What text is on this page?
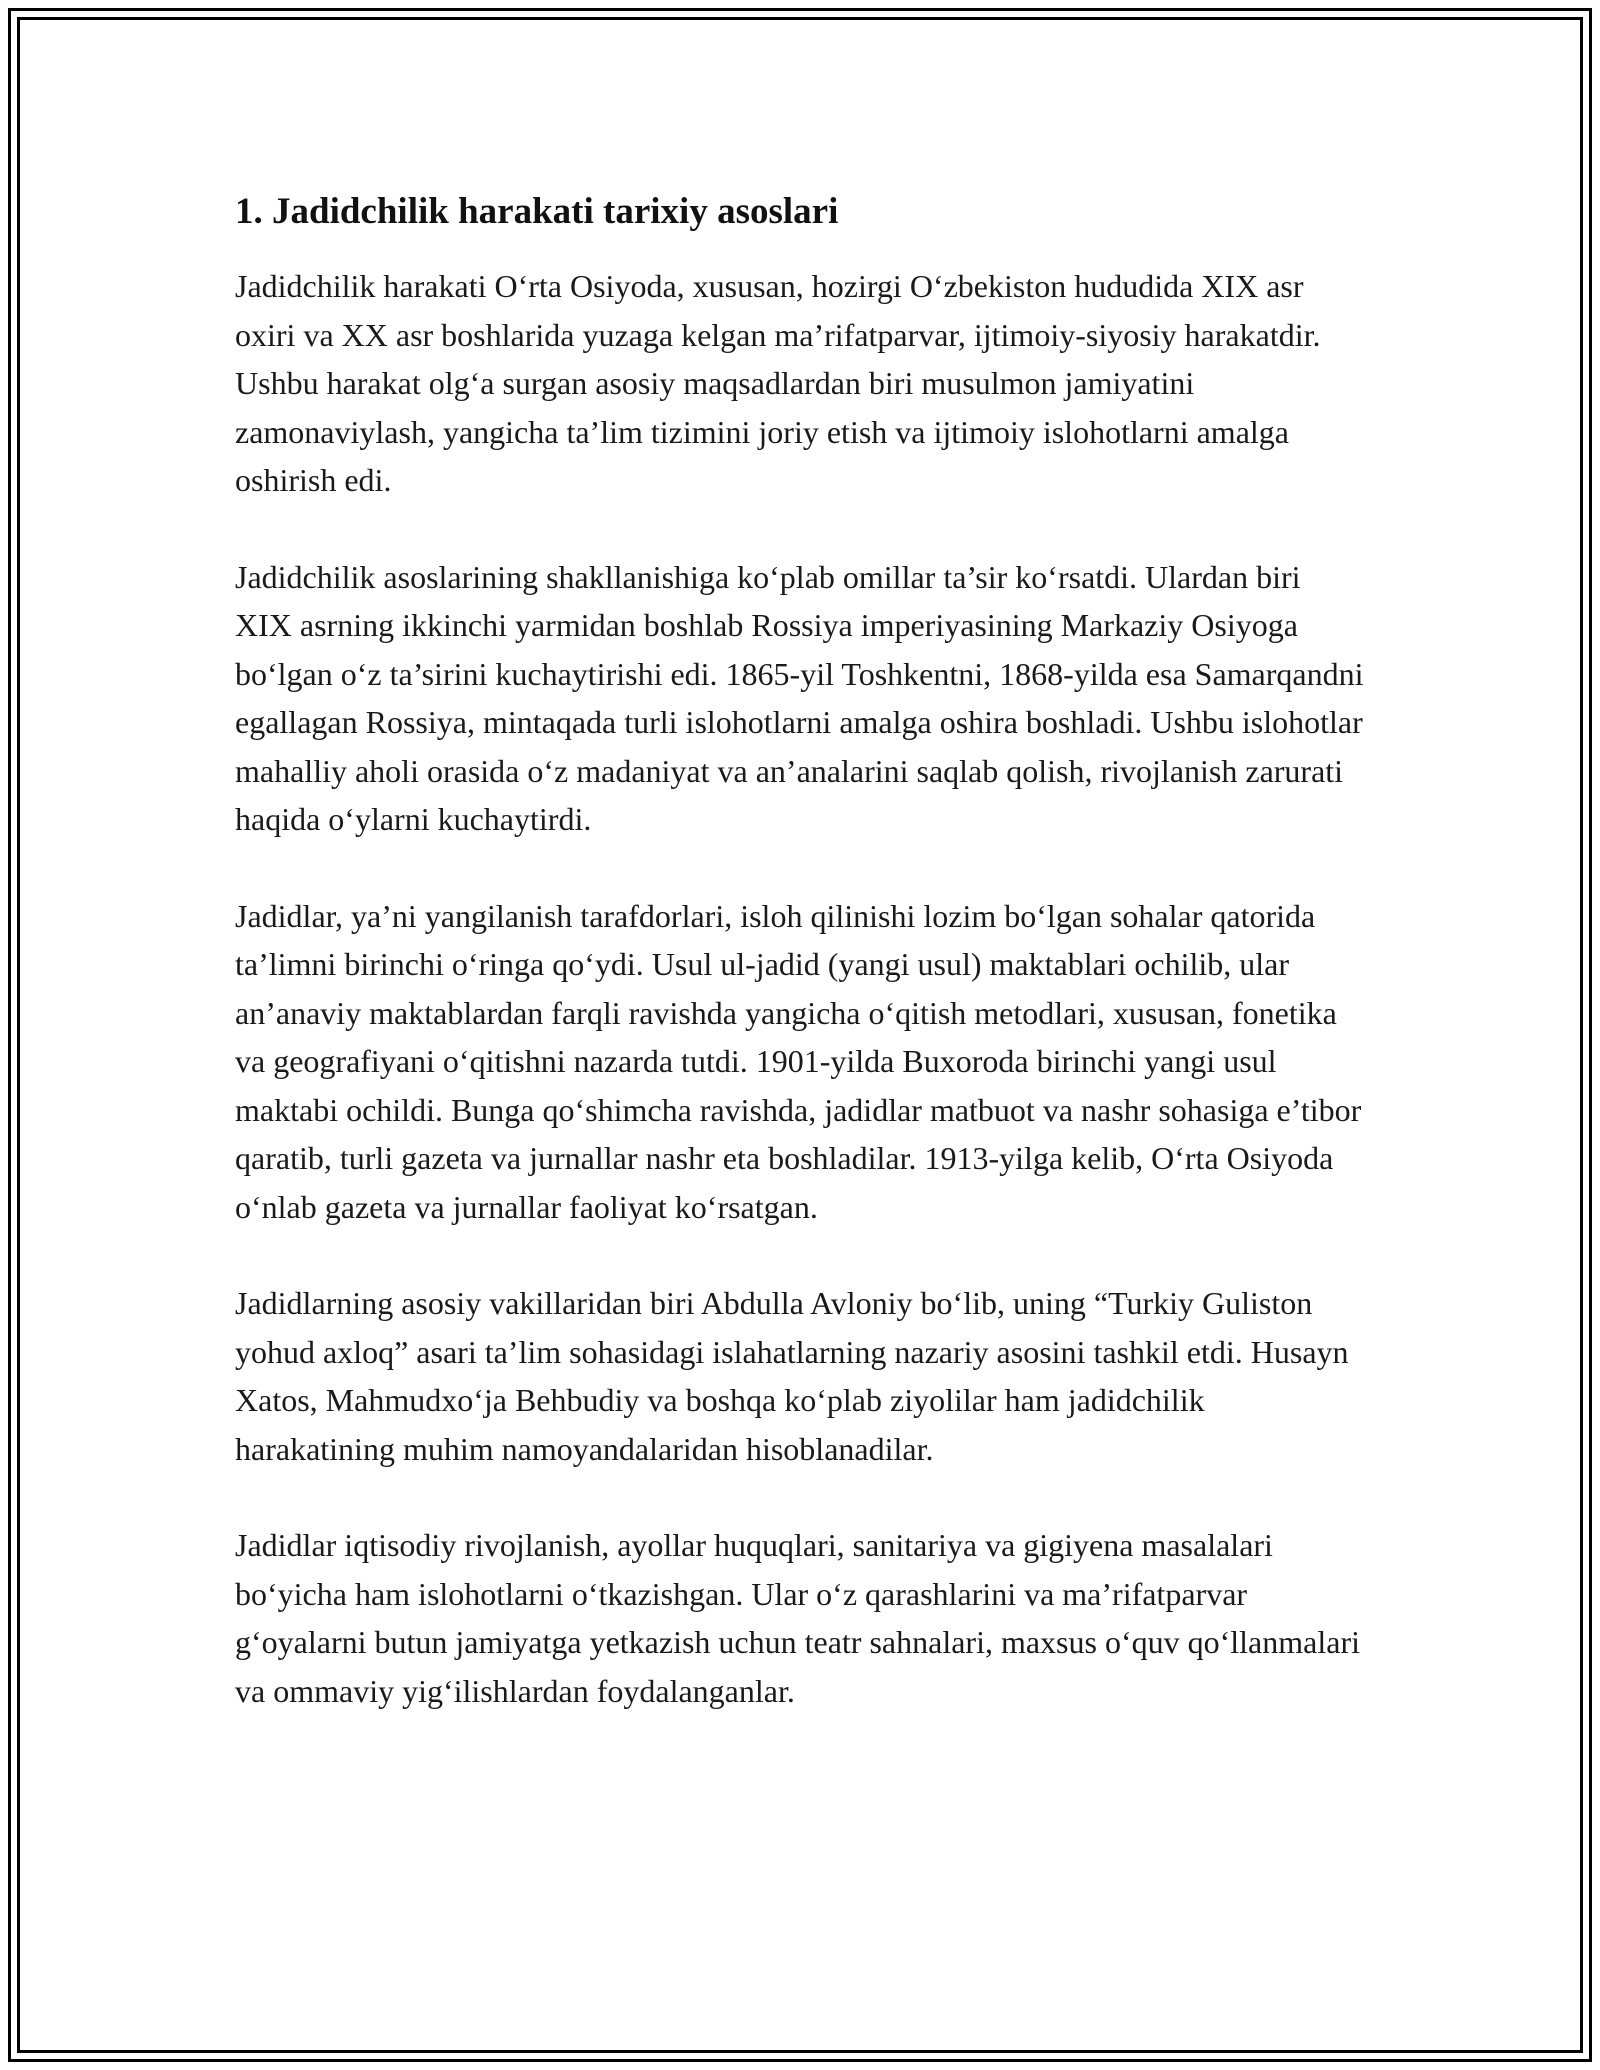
1. Jadidchilik harakati tarixiy asoslari

Jadidchilik harakati O‘rta Osiyoda, xususan, hozirgi O‘zbekiston hududida XIX asr oxiri va XX asr boshlarida yuzaga kelgan ma’rifatparvar, ijtimoiy-siyosiy harakatdir. Ushbu harakat olg‘a surgan asosiy maqsadlardan biri musulmon jamiyatini zamonaviylash, yangicha ta’lim tizimini joriy etish va ijtimoiy islohotlarni amalga oshirish edi.

Jadidchilik asoslarining shakllanishiga ko‘plab omillar ta’sir ko‘rsatdi. Ulardan biri XIX asrning ikkinchi yarmidan boshlab Rossiya imperiyasining Markaziy Osiyoga bo‘lgan o‘z ta’sirini kuchaytirishi edi. 1865-yil Toshkentni, 1868-yilda esa Samarqandni egallagan Rossiya, mintaqada turli islohotlarni amalga oshira boshladi. Ushbu islohotlar mahalliy aholi orasida o‘z madaniyat va an’analarini saqlab qolish, rivojlanish zarurati haqida o‘ylarni kuchaytirdi.

Jadidlar, ya’ni yangilanish tarafdorlari, isloh qilinishi lozim bo‘lgan sohalar qatorida ta’limni birinchi o‘ringa qo‘ydi. Usul ul-jadid (yangi usul) maktablari ochilib, ular an’anaviy maktablardan farqli ravishda yangicha o‘qitish metodlari, xususan, fonetika va geografiyani o‘qitishni nazarda tutdi. 1901-yilda Buxoroda birinchi yangi usul maktabi ochildi. Bunga qo‘shimcha ravishda, jadidlar matbuot va nashr sohasiga e’tibor qaratib, turli gazeta va jurnallar nashr eta boshladilar. 1913-yilga kelib, O‘rta Osiyoda o‘nlab gazeta va jurnallar faoliyat ko‘rsatgan.

Jadidlarning asosiy vakillaridan biri Abdulla Avloniy bo‘lib, uning “Turkiy Guliston yohud axloq” asari ta’lim sohasidagi islahatlarning nazariy asosini tashkil etdi. Husayn Xatos, Mahmudxo‘ja Behbudiy va boshqa ko‘plab ziyolilar ham jadidchilik harakatining muhim namoyandalaridan hisoblanadilar.

Jadidlar iqtisodiy rivojlanish, ayollar huquqlari, sanitariya va gigiyena masalalari bo‘yicha ham islohotlarni o‘tkazishgan. Ular o‘z qarashlarini va ma’rifatparvar g‘oyalarni butun jamiyatga yetkazish uchun teatr sahnalari, maxsus o‘quv qo‘llanmalari va ommaviy yig‘ilishlardan foydalanganlar.
